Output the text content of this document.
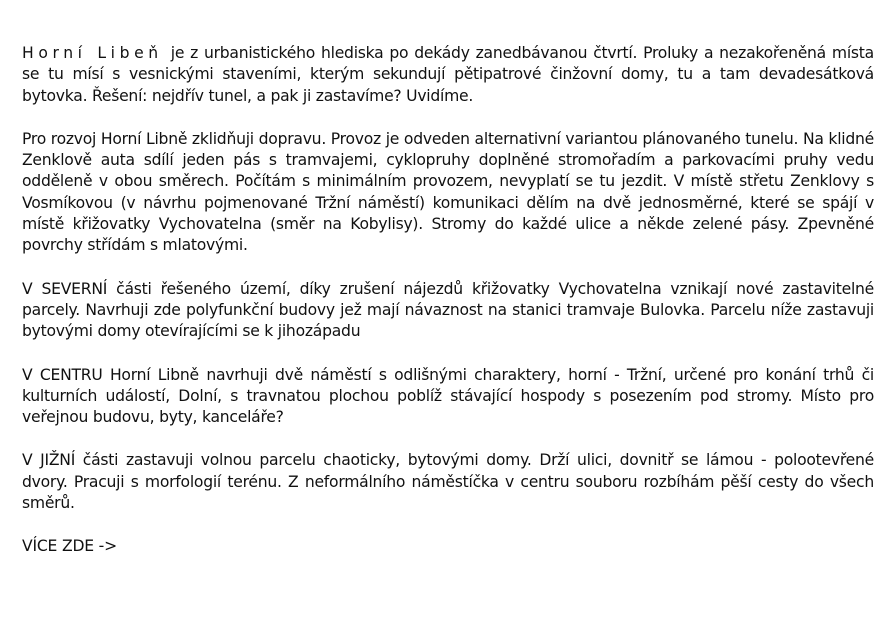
Horní Libeň je z urbanistického hlediska po dekády zanedbávanou čtvrtí. Proluky a nezakořeněná místa se tu mísí s vesnickými staveními, kterým sekundují pětipatrové činžovní domy, tu a tam devadesátková bytovka. Řešení: nejdřív tunel, a pak ji zastavíme? Uvidíme.

Pro rozvoj Horní Libně zklidňuji dopravu. Provoz je odveden alternativní variantou plánovaného tunelu. Na klidné Zenklově auta sdílí jeden pás s tramvajemi, cyklopruhy doplněné stromořadím a parkovacími pruhy vedu odděleně v obou směrech. Počítám s minimálním provozem, nevyplatí se tu jezdit. V místě střetu Zenklovy s Vosmíkovou (v návrhu pojmenované Tržní náměstí) komunikaci dělím na dvě jednosměrné, které se spájí v místě křižovatky Vychovatelna (směr na Kobylisy). Stromy do každé ulice a někde zelené pásy. Zpevněné povrchy střídám s mlatovými.

V SEVERNÍ části řešeného území, díky zrušení nájezdů křižovatky Vychovatelna vznikají nové zastavitelné parcely. Navrhuji zde polyfunkční budovy jež mají návaznost na stanici tramvaje Bulovka. Parcelu níže zastavuji bytovými domy otevírajícími se k jihozápadu

V CENTRU Horní Libně navrhuji dvě náměstí s odlišnými charaktery, horní - Tržní, určené pro konání trhů či kulturních událostí, Dolní, s travnatou plochou poblíž stávající hospody s posezením pod stromy. Místo pro veřejnou budovu, byty, kanceláře?

V JIŽNÍ části zastavuji volnou parcelu chaoticky, bytovými domy. Drží ulici, dovnitř se lámou - polootevřené dvory. Pracuji s morfologií terénu. Z neformálního náměstíčka v centru souboru rozbíhám pěší cesty do všech směrů.

VÍCE ZDE ->
